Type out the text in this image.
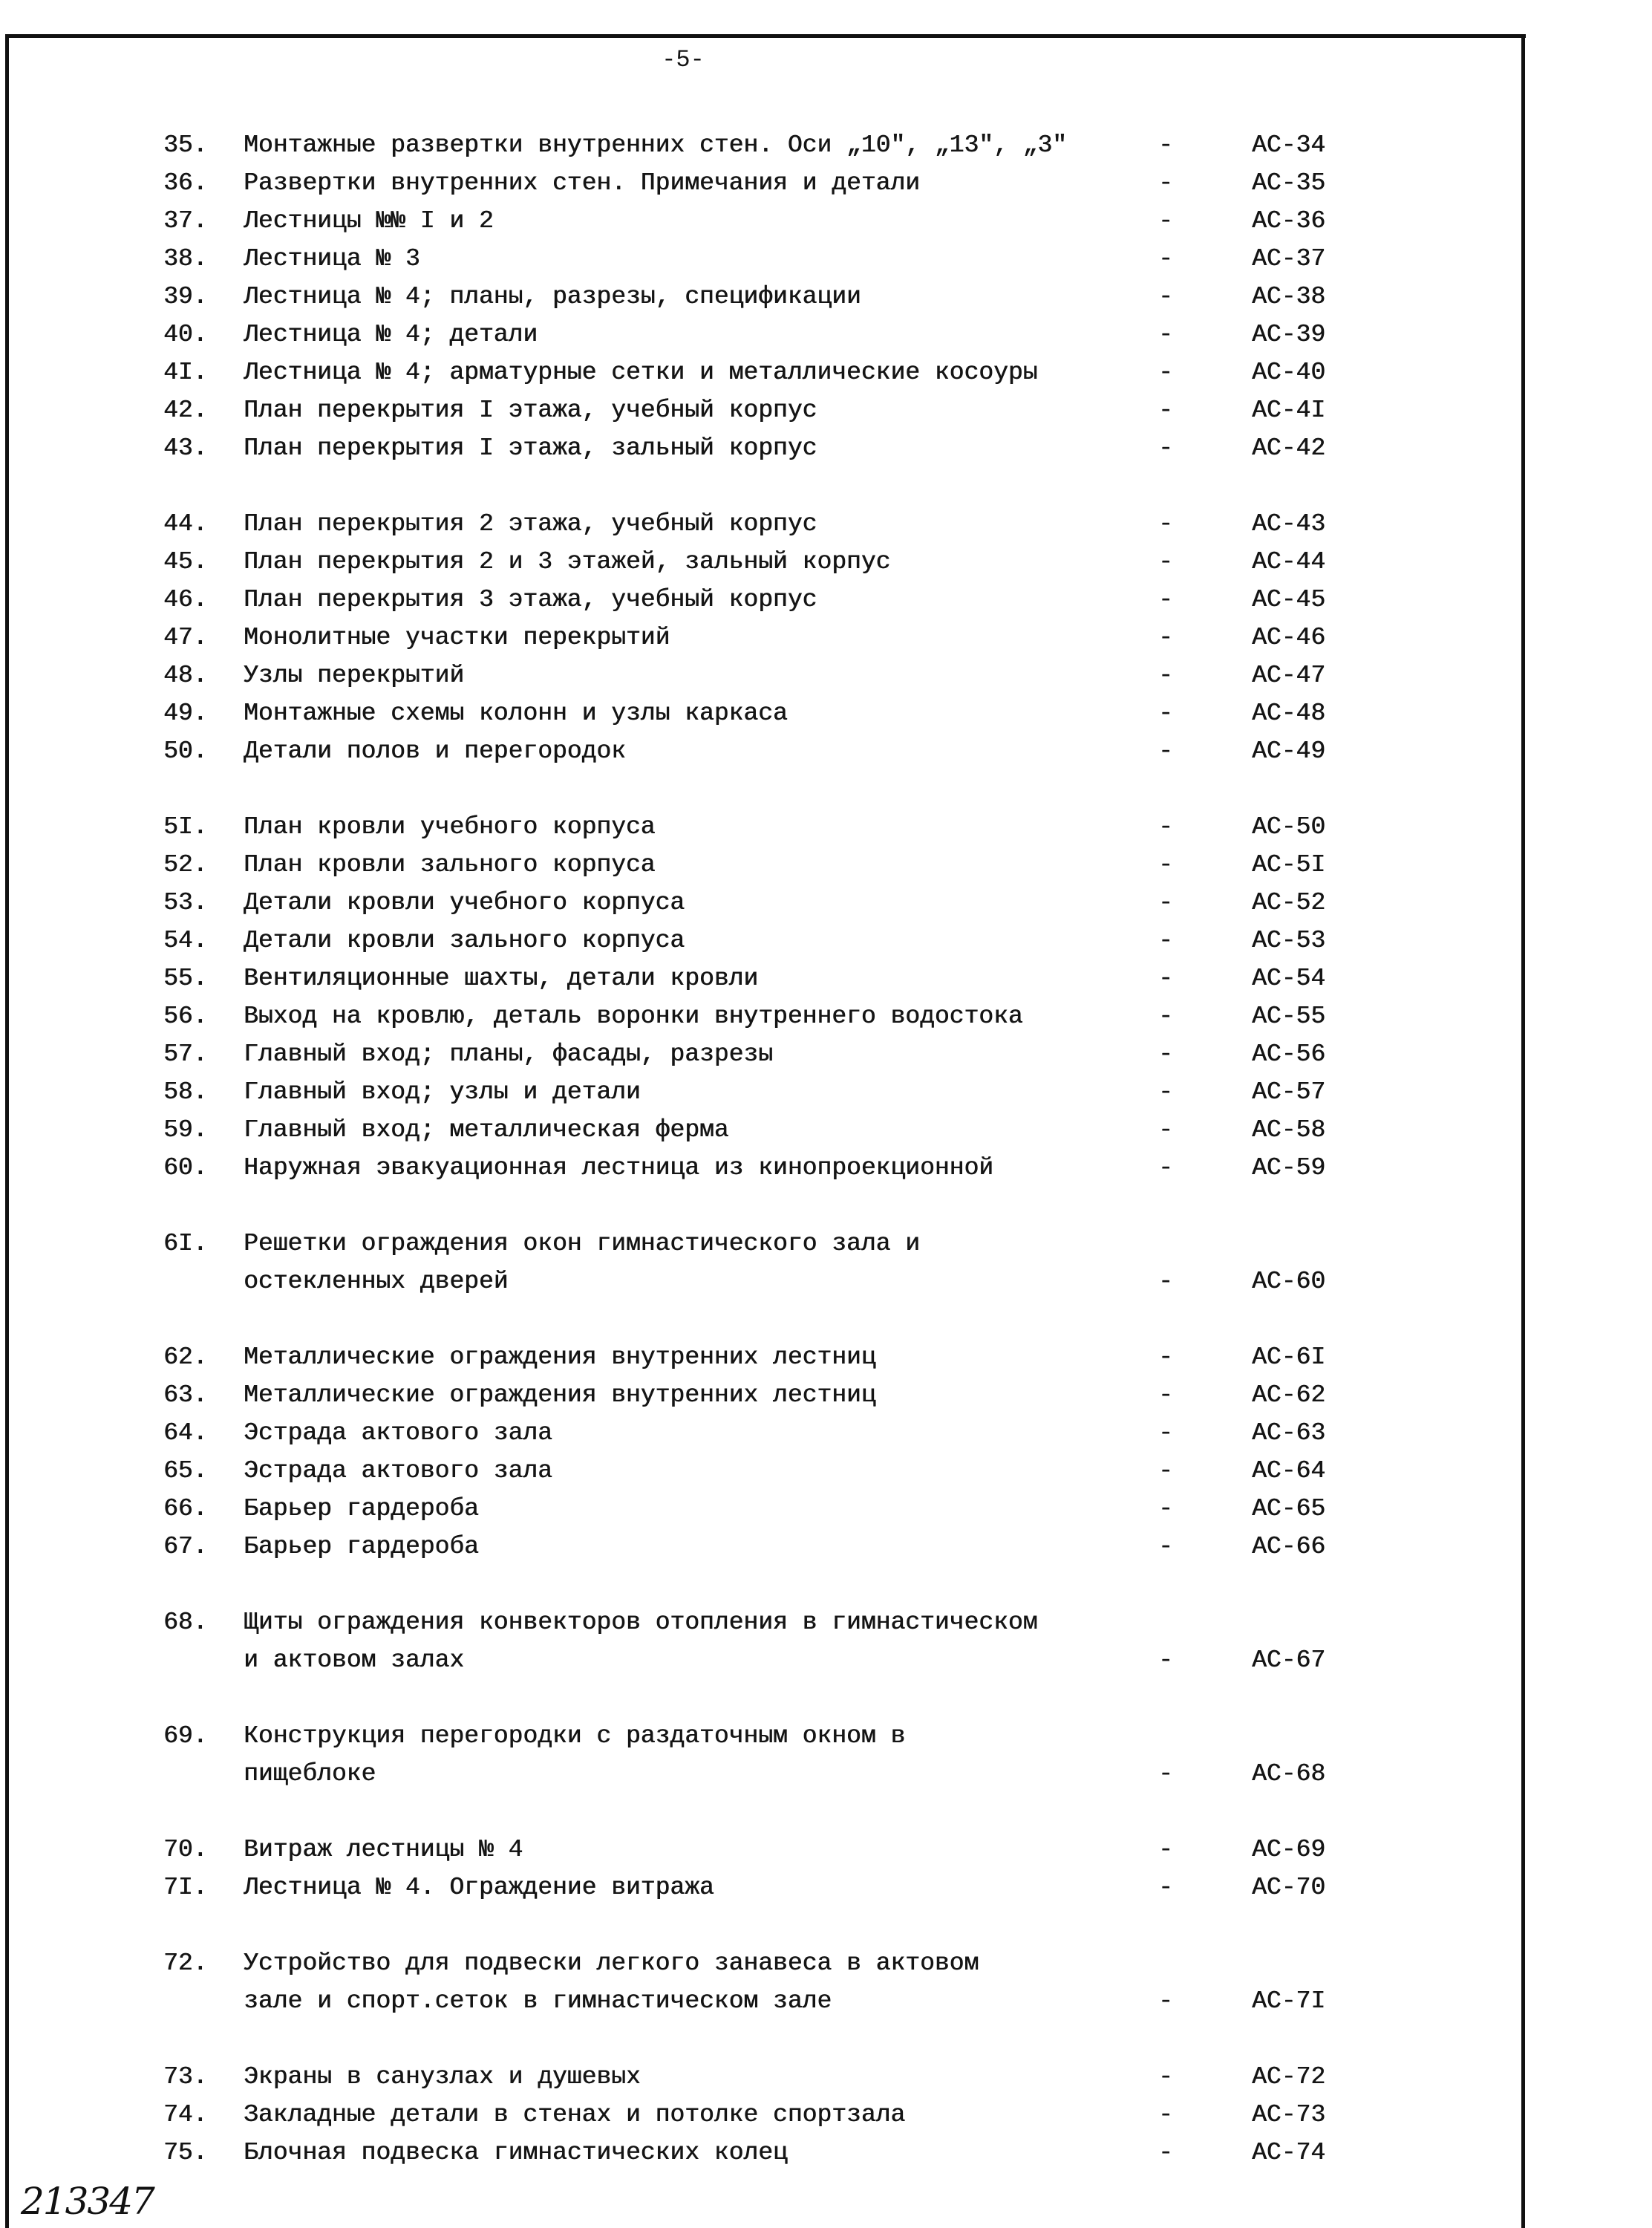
-5-
35. Монтажные развертки внутренних стен. Оси „10", „13", „3"	-	АС-34
36. Развертки внутренних стен. Примечания и детали	-	АС-35
37. Лестницы №№ I и 2	-	АС-36
38. Лестница № 3	-	АС-37
39. Лестница № 4; планы, разрезы, спецификации	-	АС-38
40. Лестница № 4; детали	-	АС-39
4I. Лестница № 4; арматурные сетки и металлические косоуры	-	АС-40
42. План перекрытия I этажа, учебный корпус	-	АС-4I
43. План перекрытия I этажа, зальный корпус	-	АС-42
44. План перекрытия 2 этажа, учебный корпус	-	АС-43
45. План перекрытия 2 и 3 этажей, зальный корпус	-	АС-44
46. План перекрытия 3 этажа, учебный корпус	-	АС-45
47. Монолитные участки перекрытий	-	АС-46
48. Узлы перекрытий	-	АС-47
49. Монтажные схемы колонн и узлы каркаса	-	АС-48
50. Детали полов и перегородок	-	АС-49
5I. План кровли учебного корпуса	-	АС-50
52. План кровли зального корпуса	-	АС-5I
53. Детали кровли учебного корпуса	-	АС-52
54. Детали кровли зального корпуса	-	АС-53
55. Вентиляционные шахты, детали кровли	-	АС-54
56. Выход на кровлю, деталь воронки внутреннего водостока	-	АС-55
57. Главный вход; планы, фасады, разрезы	-	АС-56
58. Главный вход; узлы и детали	-	АС-57
59. Главный вход; металлическая ферма	-	АС-58
60. Наружная эвакуационная лестница из кинопроекционной	-	АС-59
6I. Решетки ограждения окон гимнастического зала и
остекленных дверей	-	АС-60
62. Металлические ограждения внутренних лестниц	-	АС-6I
63. Металлические ограждения внутренних лестниц	-	АС-62
64. Эстрада актового зала	-	АС-63
65. Эстрада актового зала	-	АС-64
66. Барьер гардероба	-	АС-65
67. Барьер гардероба	-	АС-66
68. Щиты ограждения конвекторов отопления в гимнастическом
и актовом залах	-	АС-67
69. Конструкция перегородки с раздаточным окном в
пищеблоке	-	АС-68
70. Витраж лестницы № 4	-	АС-69
7I. Лестница № 4. Ограждение витража	-	АС-70
72. Устройство для подвески легкого занавеса в актовом
зале и спорт.сеток в гимнастическом зале	-	АС-7I
73. Экраны в санузлах и душевых	-	АС-72
74. Закладные детали в стенах и потолке спортзала	-	АС-73
75. Блочная подвеска гимнастических колец	-	АС-74
213347
